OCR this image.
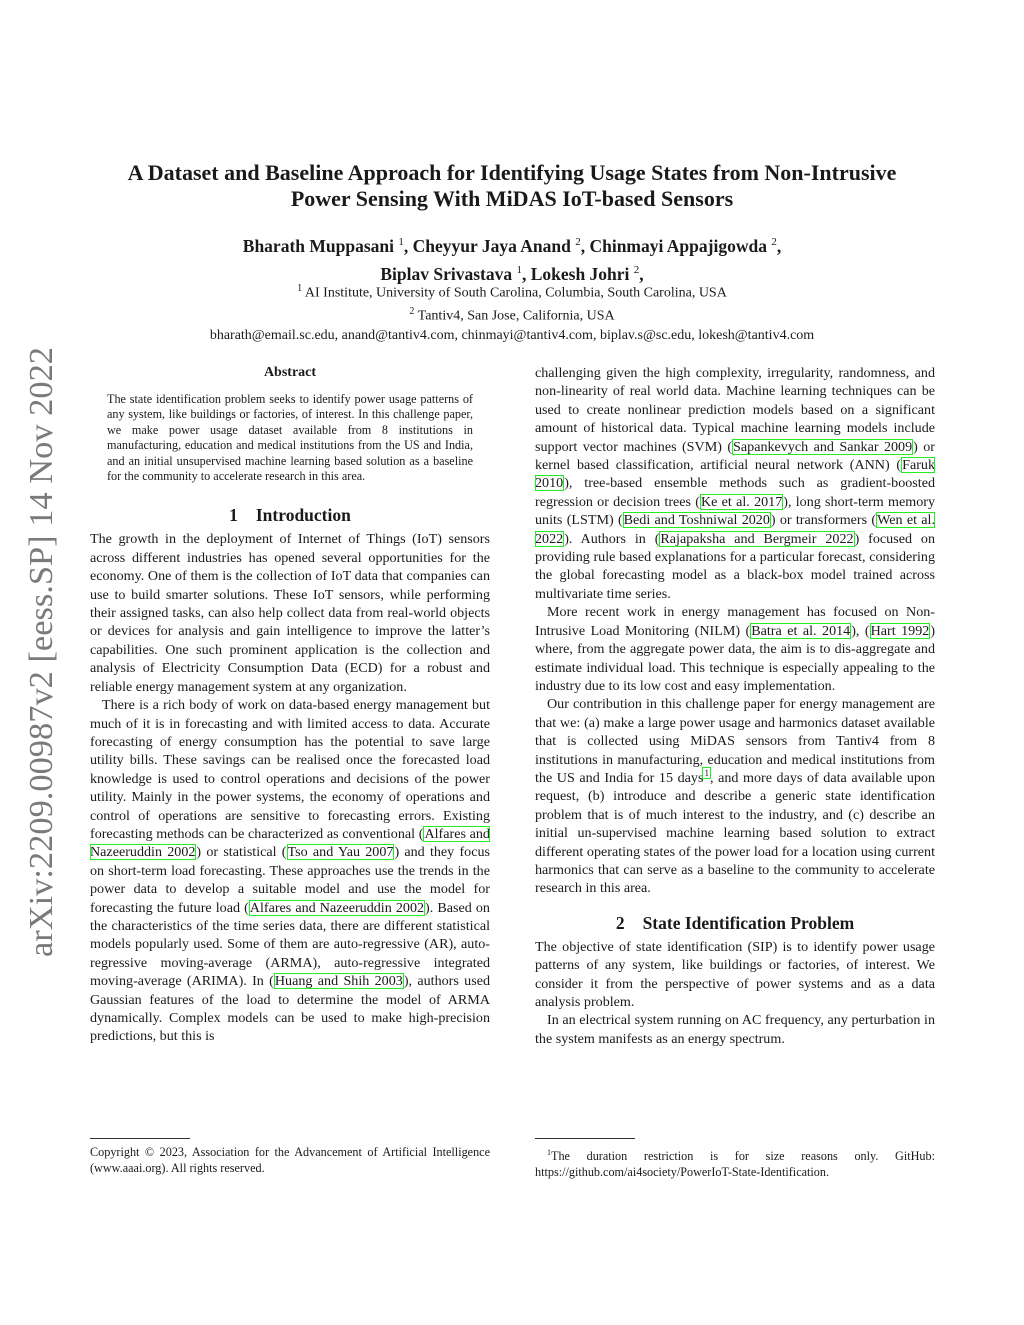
arXiv:2209.00987v2 [eess.SP] 14 Nov 2022
A Dataset and Baseline Approach for Identifying Usage States from Non-Intrusive
Power Sensing With MiDAS IoT-based Sensors
Bharath Muppasani $^1$, Cheyyur Jaya Anand $^2$, Chinmayi Appajigowda $^2$,
Biplav Srivastava $^1$, Lokesh Johri $^2$,
$^1$ AI Institute, University of South Carolina, Columbia, South Carolina, USA
$^2$ Tantiv4, San Jose, California, USA
bharath@email.sc.edu, anand@tantiv4.com, chinmayi@tantiv4.com, biplav.s@sc.edu, lokesh@tantiv4.com
Abstract
The state identification problem seeks to identify power usage patterns of any system, like buildings or factories, of interest. In this challenge paper, we make power usage dataset available from 8 institutions in manufacturing, education and medical institutions from the US and India, and an initial unsupervised machine learning based solution as a baseline for the community to accelerate research in this area.
1 Introduction

The growth in the deployment of Internet of Things (IoT) sensors across different industries has opened several opportunities for the economy. One of them is the collection of IoT data that companies can use to build smarter solutions. These IoT sensors, while performing their assigned tasks, can also help collect data from real-world objects or devices for analysis and gain intelligence to improve the latter’s capabilities. One such prominent application is the collection and analysis of Electricity Consumption Data (ECD) for a robust and reliable energy management system at any organization.

There is a rich body of work on data-based energy management but much of it is in forecasting and with limited access to data. Accurate forecasting of energy consumption has the potential to save large utility bills. These savings can be realised once the forecasted load knowledge is used to control operations and decisions of the power utility. Mainly in the power systems, the economy of operations and control of operations are sensitive to forecasting errors. Existing forecasting methods can be characterized as conventional (Alfares and Nazeeruddin 2002) or statistical (Tso and Yau 2007) and they focus on short-term load forecasting. These approaches use the trends in the power data to develop a suitable model and use the model for forecasting the future load (Alfares and Nazeeruddin 2002). Based on the characteristics of the time series data, there are different statistical models popularly used. Some of them are auto-regressive (AR), auto-regressive moving-average (ARMA), auto-regressive integrated moving-average (ARIMA). In (Huang and Shih 2003), authors used Gaussian features of the load to determine the model of ARMA dynamically. Complex models can be used to make high-precision predictions, but this is

challenging given the high complexity, irregularity, randomness, and non-linearity of real world data. Machine learning techniques can be used to create nonlinear prediction models based on a significant amount of historical data. Typical machine learning models include support vector machines (SVM) (Sapankevych and Sankar 2009) or kernel based classification, artificial neural network (ANN) (Faruk 2010), tree-based ensemble methods such as gradient-boosted regression or decision trees (Ke et al. 2017), long short-term memory units (LSTM) (Bedi and Toshniwal 2020) or transformers (Wen et al. 2022). Authors in (Rajapaksha and Bergmeir 2022) focused on providing rule based explanations for a particular forecast, considering the global forecasting model as a black-box model trained across multivariate time series.

More recent work in energy management has focused on Non-Intrusive Load Monitoring (NILM) (Batra et al. 2014), (Hart 1992) where, from the aggregate power data, the aim is to dis-aggregate and estimate individual load. This technique is especially appealing to the industry due to its low cost and easy implementation.

Our contribution in this challenge paper for energy management are that we: (a) make a large power usage and harmonics dataset available that is collected using MiDAS sensors from Tantiv4 from 8 institutions in manufacturing, education and medical institutions from the US and India for 15 days$^1$, and more days of data available upon request, (b) introduce and describe a generic state identification problem that is of much interest to the industry, and (c) describe an initial un-supervised machine learning based solution to extract different operating states of the power load for a location using current harmonics that can serve as a baseline to the community to accelerate research in this area.

2 State Identification Problem

The objective of state identification (SIP) is to identify power usage patterns of any system, like buildings or factories, of interest. We consider it from the perspective of power systems and as a data analysis problem.

In an electrical system running on AC frequency, any perturbation in the system manifests as an energy spectrum.

Copyright © 2023, Association for the Advancement of Artificial Intelligence (www.aaai.org). All rights reserved.
$^1$The duration restriction is for size reasons only. GitHub: https://github.com/ai4society/PowerIoT-State-Identification.
